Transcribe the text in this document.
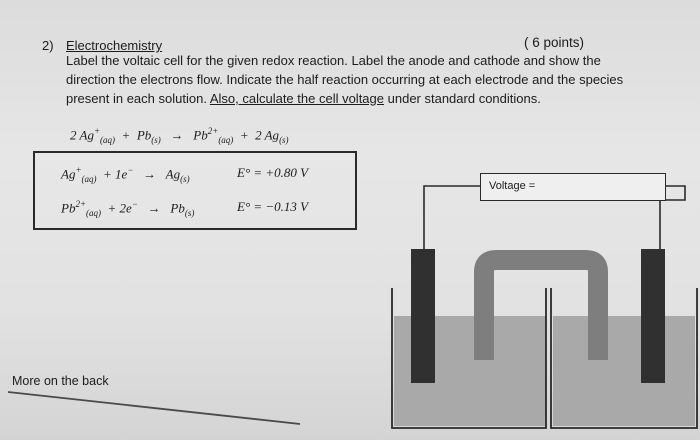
2) Electrochemistry	( 6 points)
Label the voltaic cell for the given redox reaction. Label the anode and cathode and show the
direction the electrons flow. Indicate the half reaction occurring at each electrode and the species
present in each solution. Also, calculate the cell voltage under standard conditions.
2 $Ag^+_{(aq)} + Pb_{(s)} \to Pb^{2+}_{(aq)} + 2$ $Ag_{(s)}$
$Ag^+_{(aq)} + 1e^- \to Ag_{(s)}$	E° = +0.80 V
$Pb^{2+}_{(aq)} + 2e^- \to Pb_{(s)}$	E° = −0.13 V
Voltage =
More on the back
